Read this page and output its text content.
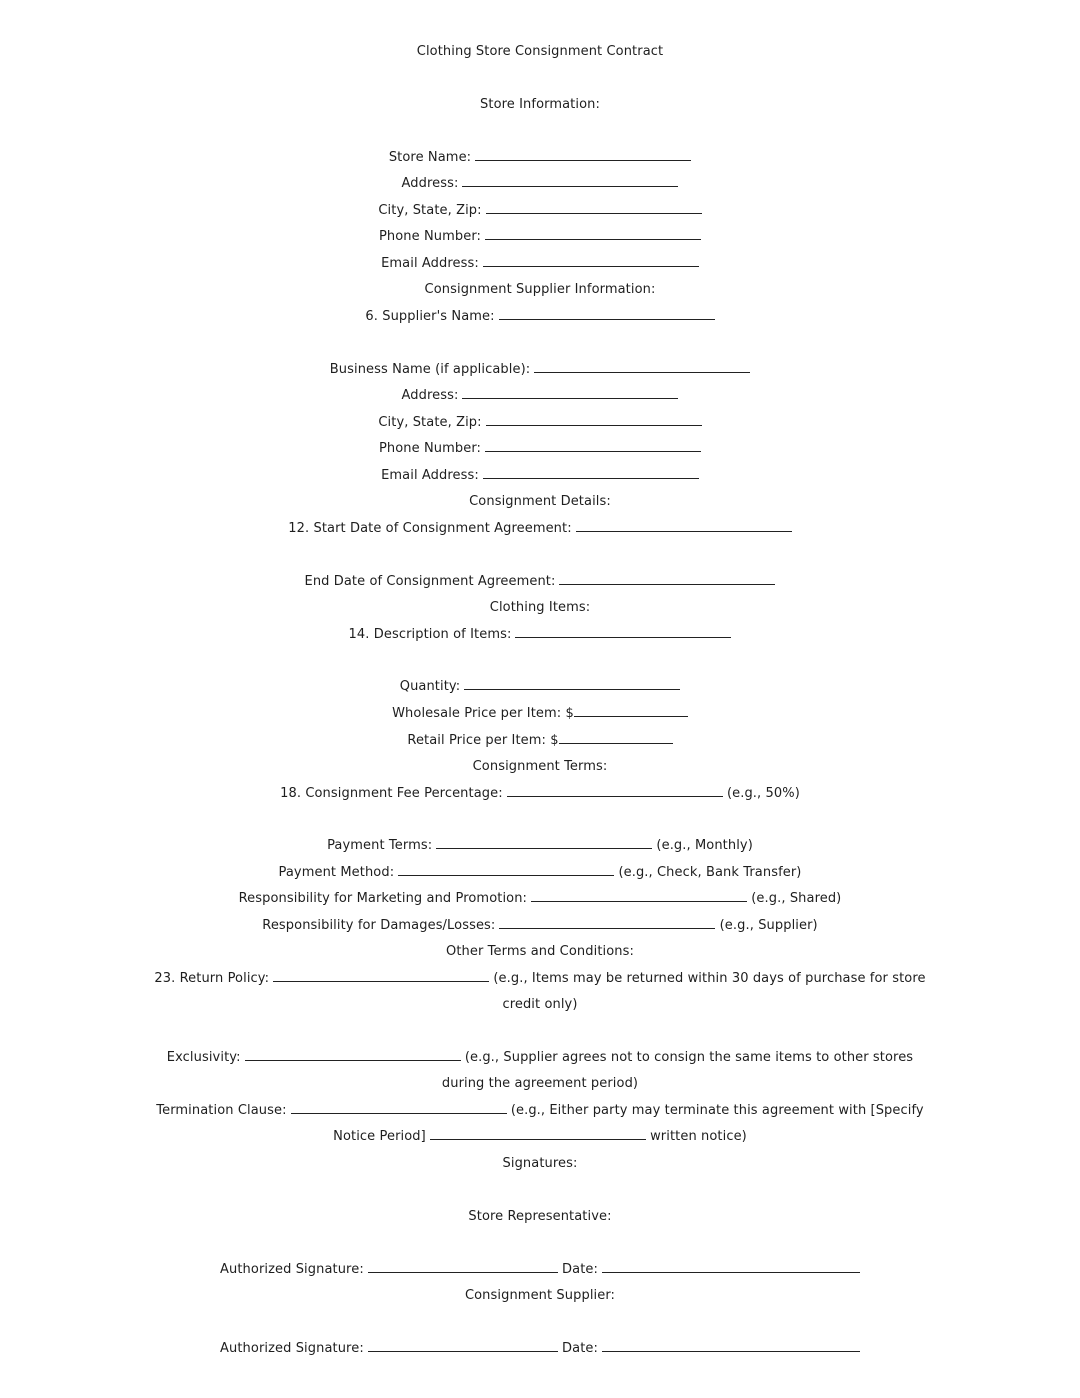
Clothing Store Consignment Contract
Store Information:
Store Name:
Address:
City, State, Zip:
Phone Number:
Email Address:
Consignment Supplier Information:
6. Supplier's Name:
Business Name (if applicable):
Address:
City, State, Zip:
Phone Number:
Email Address:
Consignment Details:
12. Start Date of Consignment Agreement:
End Date of Consignment Agreement:
Clothing Items:
14. Description of Items:
Quantity:
Wholesale Price per Item: $
Retail Price per Item: $
Consignment Terms:
18. Consignment Fee Percentage:	(e.g., 50%)
Payment Terms:	(e.g., Monthly)
Payment Method:	(e.g., Check, Bank Transfer)
Responsibility for Marketing and Promotion:	(e.g., Shared)
Responsibility for Damages/Losses:	(e.g., Supplier)
Other Terms and Conditions:
23. Return Policy:	(e.g., Items may be returned within 30 days of purchase for store
credit only)
Exclusivity:	(e.g., Supplier agrees not to consign the same items to other stores
during the agreement period)
Termination Clause:	(e.g., Either party may terminate this agreement with [Specify
Notice Period]	written notice)
Signatures:
Store Representative:
Authorized Signature:	Date:
Consignment Supplier:
Authorized Signature:	Date:
